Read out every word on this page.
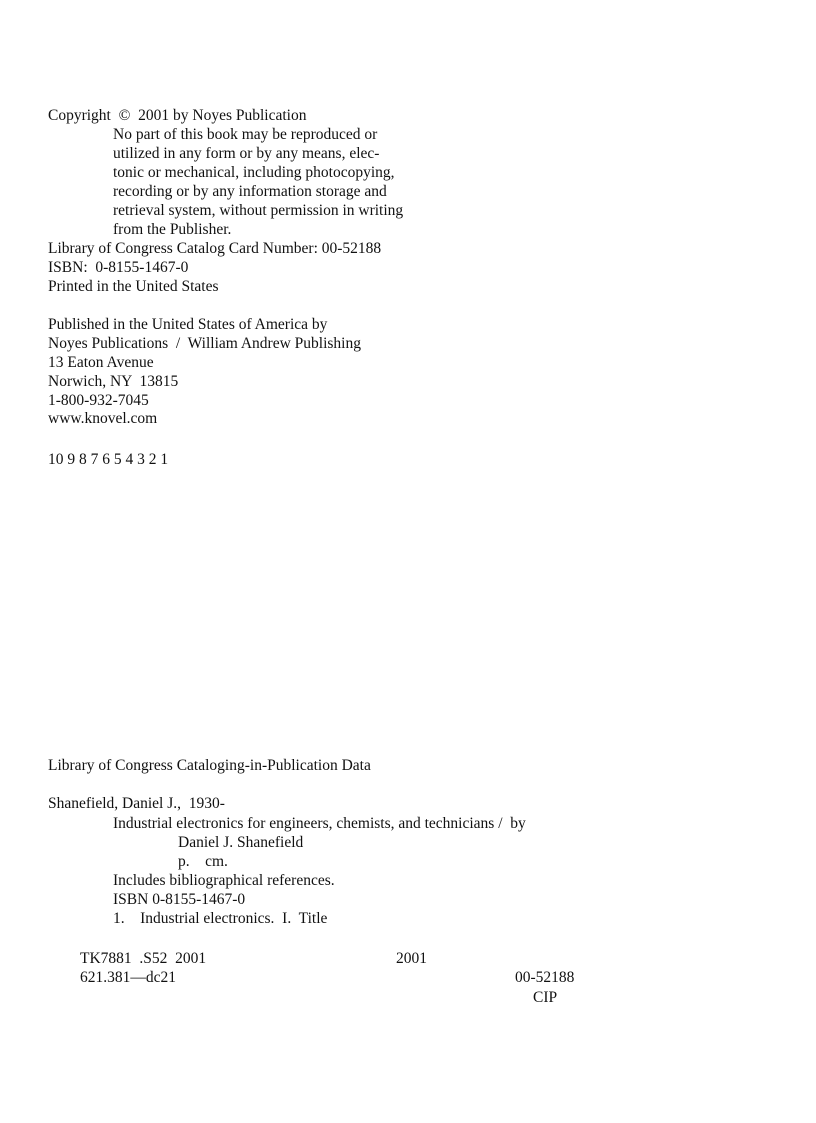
Copyright  ©  2001 by Noyes Publication
No part of this book may be reproduced or
utilized in any form or by any means, elec-
tonic or mechanical, including photocopying,
recording or by any information storage and
retrieval system, without permission in writing
from the Publisher.
Library of Congress Catalog Card Number: 00-52188
ISBN:  0-8155-1467-0
Printed in the United States
Published in the United States of America by
Noyes Publications  /  William Andrew Publishing
13 Eaton Avenue
Norwich, NY  13815
1-800-932-7045
www.knovel.com
10 9 8 7 6 5 4 3 2 1
Library of Congress Cataloging-in-Publication Data
Shanefield, Daniel J.,  1930-
Industrial electronics for engineers, chemists, and technicians /  by
Daniel J. Shanefield
p.    cm.
Includes bibliographical references.
ISBN 0-8155-1467-0
1.    Industrial electronics.  I.  Title
TK7881  .S52  2001	2001
621.381—dc21	00-52188
CIP
